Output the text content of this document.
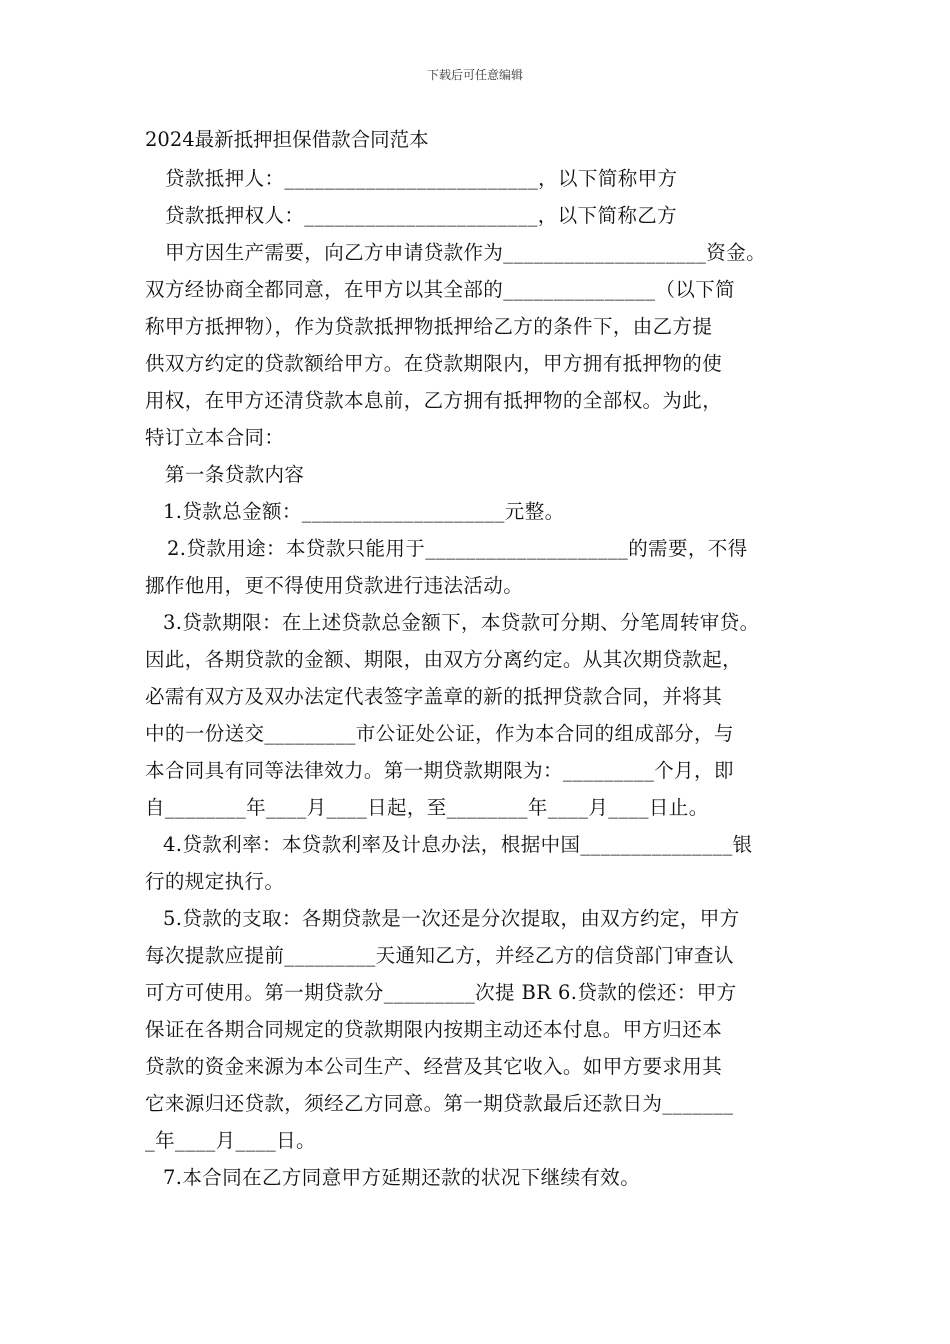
下载后可任意编辑
2024最新抵押担保借款合同范本
贷款抵押人：_________________________，以下简称甲方
贷款抵押权人：_______________________，以下简称乙方
甲方因生产需要，向乙方申请贷款作为____________________资金。
双方经协商全都同意，在甲方以其全部的_______________（以下简
称甲方抵押物），作为贷款抵押物抵押给乙方的条件下，由乙方提
供双方约定的贷款额给甲方。在贷款期限内，甲方拥有抵押物的使
用权，在甲方还清贷款本息前，乙方拥有抵押物的全部权。为此，
特订立本合同：
第一条贷款内容
1.贷款总金额：____________________元整。
2.贷款用途：本贷款只能用于____________________的需要，不得
挪作他用，更不得使用贷款进行违法活动。
3.贷款期限：在上述贷款总金额下，本贷款可分期、分笔周转审贷。
因此，各期贷款的金额、期限，由双方分离约定。从其次期贷款起，
必需有双方及双办法定代表签字盖章的新的抵押贷款合同，并将其
中的一份送交_________市公证处公证，作为本合同的组成部分，与
本合同具有同等法律效力。第一期贷款期限为：_________个月，即
自________年____月____日起，至________年____月____日止。
4.贷款利率：本贷款利率及计息办法，根据中国_______________银
行的规定执行。
5.贷款的支取：各期贷款是一次还是分次提取，由双方约定，甲方
每次提款应提前_________天通知乙方，并经乙方的信贷部门审查认
可方可使用。第一期贷款分_________次提 BR 6.贷款的偿还：甲方
保证在各期合同规定的贷款期限内按期主动还本付息。甲方归还本
贷款的资金来源为本公司生产、经营及其它收入。如甲方要求用其
它来源归还贷款，须经乙方同意。第一期贷款最后还款日为_______
_年____月____日。
7.本合同在乙方同意甲方延期还款的状况下继续有效。
